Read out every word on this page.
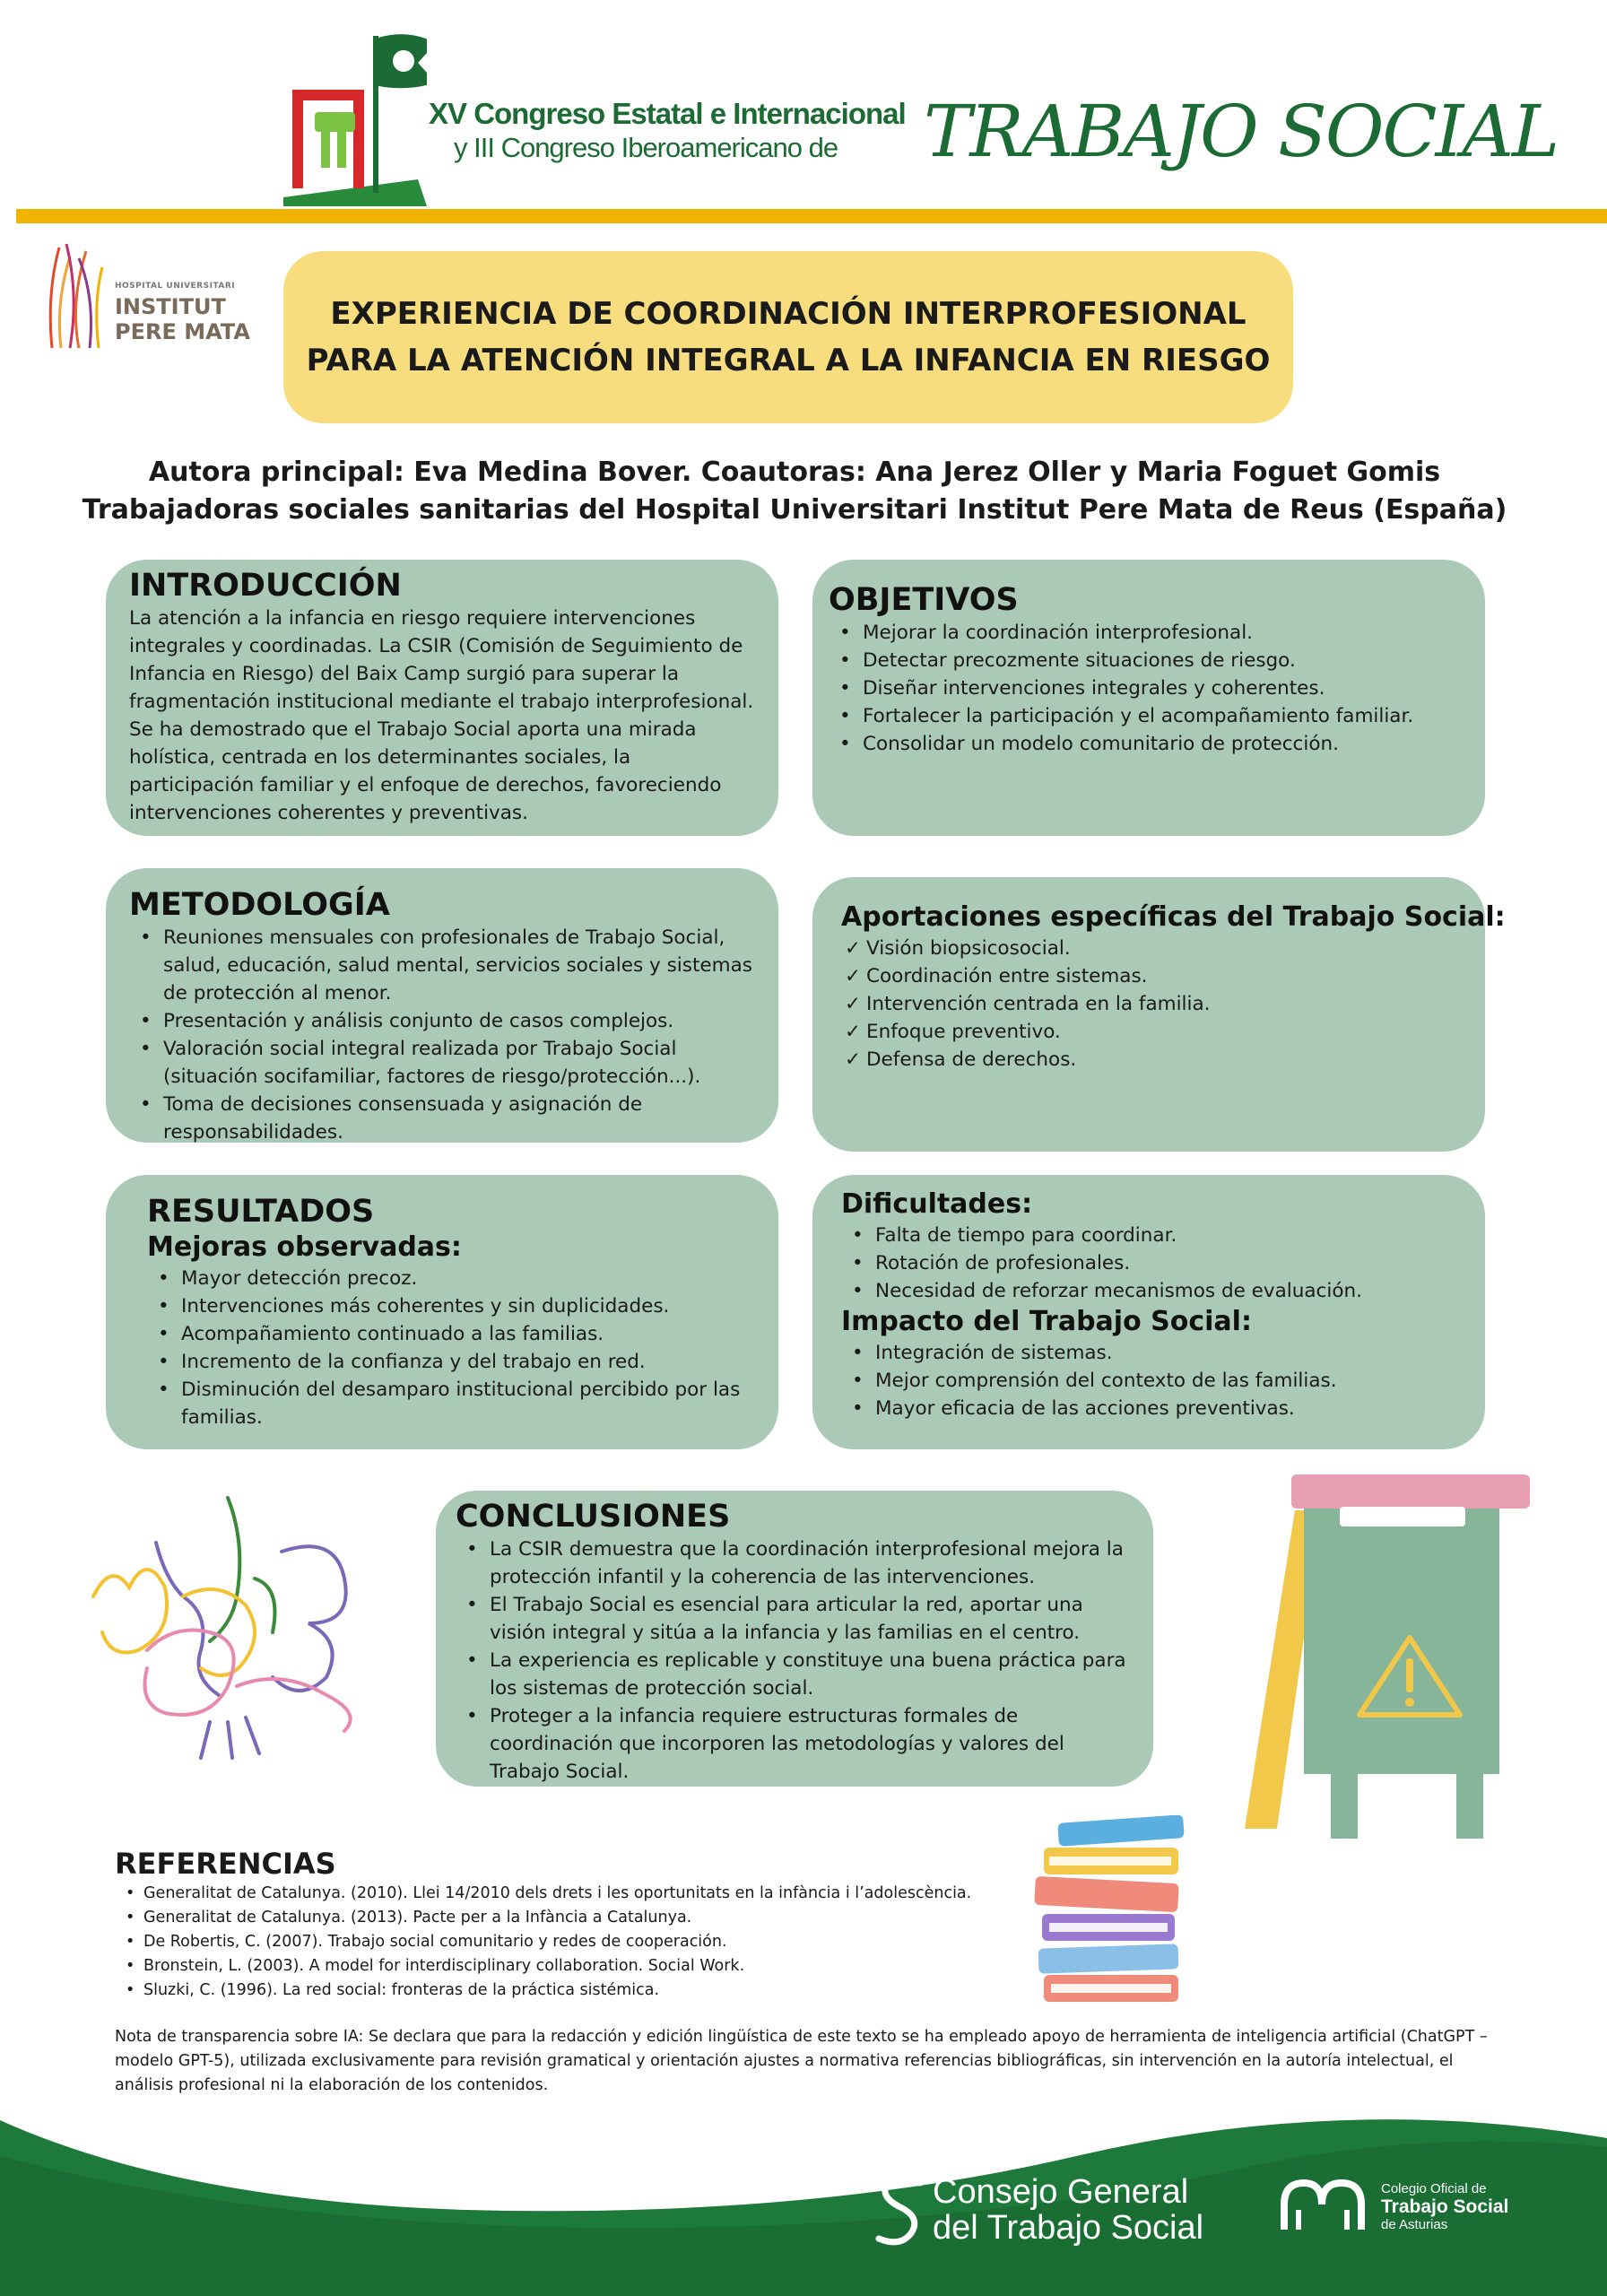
XV Congreso Estatal e Internacional
y III Congreso Iberoamericano de TRABAJO SOCIAL
HOSPITAL UNIVERSITARI
INSTITUT
PERE MATA	EXPERIENCIA DE COORDINACIÓN INTERPROFESIONAL
PARA LA ATENCIÓN INTEGRAL A LA INFANCIA EN RIESGO
Autora principal: Eva Medina Bover. Coautoras: Ana Jerez Oller y Maria Foguet Gomis
Trabajadoras sociales sanitarias del Hospital Universitari Institut Pere Mata de Reus (España)
INTRODUCCIÓN

La atención a la infancia en riesgo requiere intervenciones integrales y coordinadas. La CSIR (Comisión de Seguimiento de Infancia en Riesgo) del Baix Camp surgió para superar la fragmentación institucional mediante el trabajo interprofesional. Se ha demostrado que el Trabajo Social aporta una mirada holística, centrada en los determinantes sociales, la participación familiar y el enfoque de derechos, favoreciendo intervenciones coherentes y preventivas.

OBJETIVOS
• Mejorar la coordinación interprofesional.
• Detectar precozmente situaciones de riesgo.
• Diseñar intervenciones integrales y coherentes.
• Fortalecer la participación y el acompañamiento familiar.
• Consolidar un modelo comunitario de protección.
METODOLOGÍA
• Reuniones mensuales con profesionales de Trabajo Social, salud, educación, salud mental, servicios sociales y sistemas de protección al menor.
• Presentación y análisis conjunto de casos complejos.
• Valoración social integral realizada por Trabajo Social (situación socifamiliar, factores de riesgo/protección...).
• Toma de decisiones consensuada y asignación de responsabilidades.
Aportaciones específicas del Trabajo Social:
✓ Visión biopsicosocial.
✓ Coordinación entre sistemas.
✓ Intervención centrada en la familia.
✓ Enfoque preventivo.
✓ Defensa de derechos.
RESULTADOS
Mejoras observadas:
• Mayor detección precoz.
• Intervenciones más coherentes y sin duplicidades.
• Acompañamiento continuado a las familias.
• Incremento de la confianza y del trabajo en red.
• Disminución del desamparo institucional percibido por las familias.
Dificultades:
• Falta de tiempo para coordinar.
• Rotación de profesionales.
• Necesidad de reforzar mecanismos de evaluación.
Impacto del Trabajo Social:
• Integración de sistemas.
• Mejor comprensión del contexto de las familias.
• Mayor eficacia de las acciones preventivas.
CONCLUSIONES
• La CSIR demuestra que la coordinación interprofesional mejora la protección infantil y la coherencia de las intervenciones.
• El Trabajo Social es esencial para articular la red, aportar una visión integral y sitúa a la infancia y las familias en el centro.
• La experiencia es replicable y constituye una buena práctica para los sistemas de protección social.
• Proteger a la infancia requiere estructuras formales de coordinación que incorporen las metodologías y valores del Trabajo Social.
REFERENCIAS
• Generalitat de Catalunya. (2010). Llei 14/2010 dels drets i les oportunitats en la infància i l’adolescència.
• Generalitat de Catalunya. (2013). Pacte per a la Infància a Catalunya.
• De Robertis, C. (2007). Trabajo social comunitario y redes de cooperación.
• Bronstein, L. (2003). A model for interdisciplinary collaboration. Social Work.
• Sluzki, C. (1996). La red social: fronteras de la práctica sistémica.

Nota de transparencia sobre IA: Se declara que para la redacción y edición lingüística de este texto se ha empleado apoyo de herramienta de inteligencia artificial (ChatGPT – modelo GPT-5), utilizada exclusivamente para revisión gramatical y orientación ajustes a normativa referencias bibliográficas, sin intervención en la autoría intelectual, el análisis profesional ni la elaboración de los contenidos.

Consejo General
del Trabajo Social
Colegio Oficial de
Trabajo Social
de Asturias
